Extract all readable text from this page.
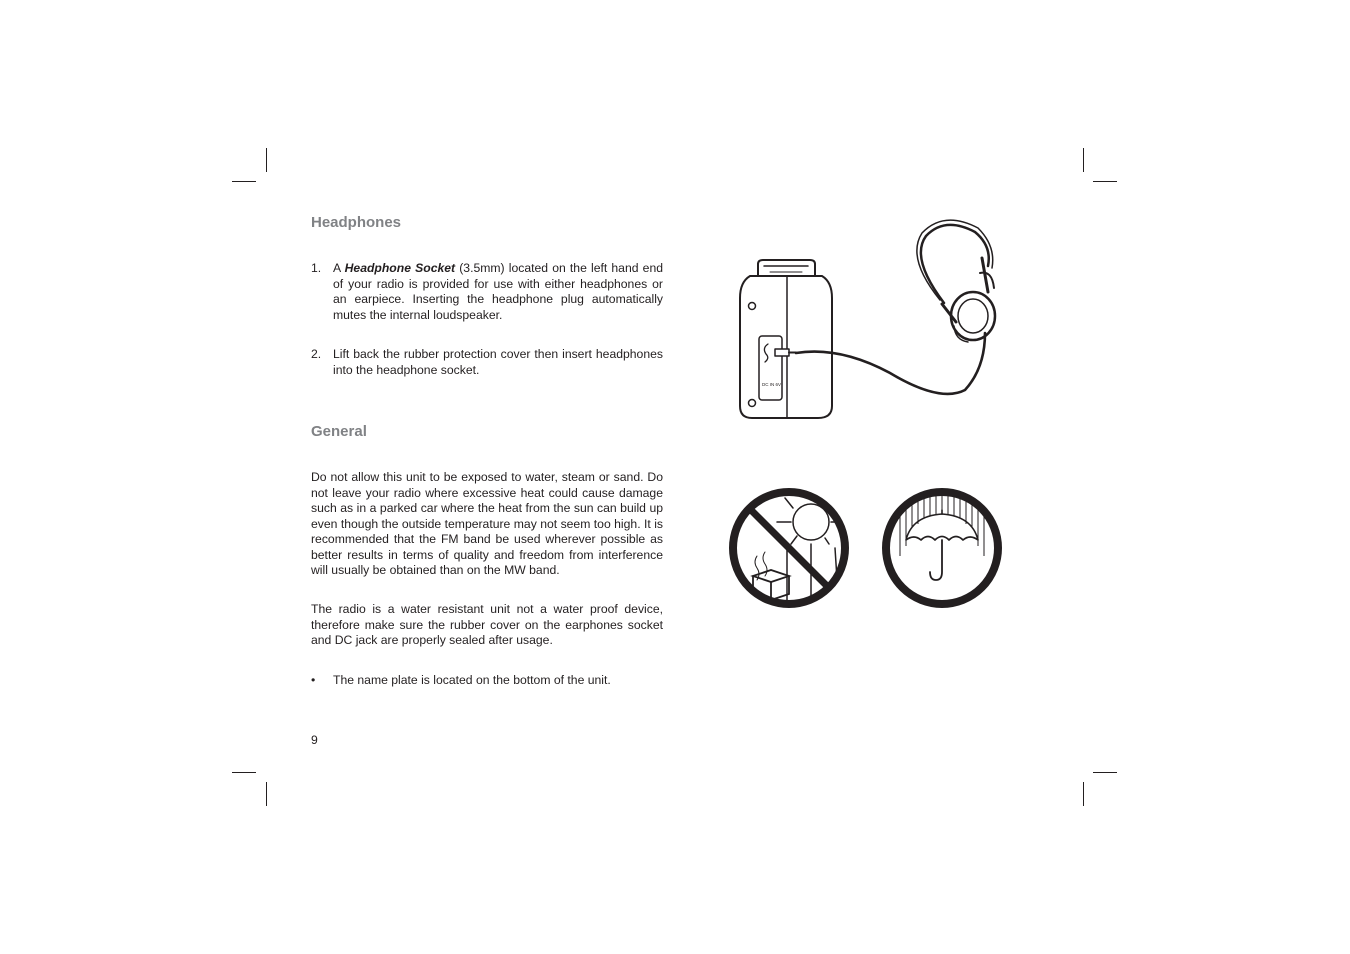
Headphones
1. A Headphone Socket (3.5mm) located on the left hand end of your radio is provided for use with either headphones or an earpiece. Inserting the headphone plug automatically mutes the internal loudspeaker.
2. Lift back the rubber protection cover then insert headphones into the headphone socket.
General

Do not allow this unit to be exposed to water, steam or sand. Do not leave your radio where excessive heat could cause damage such as in a parked car where the heat from the sun can build up even though the outside temperature may not seem too high. It is recommended that the FM band be used wherever possible as better results in terms of quality and freedom from interference will usually be obtained than on the MW band.

The radio is a water resistant unit not a water proof device, therefore make sure the rubber cover on the earphones socket and DC jack are properly sealed after usage.

•	The name plate is located on the bottom of the unit.
9
DC IN 6V
